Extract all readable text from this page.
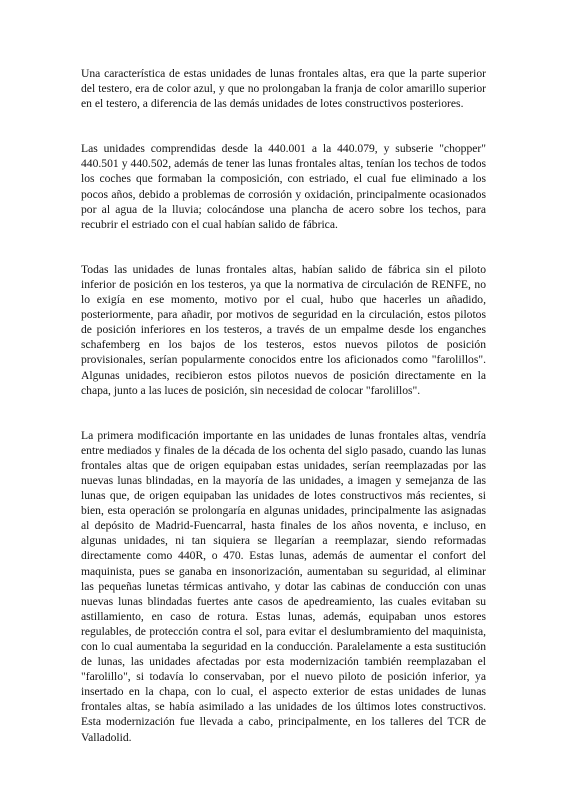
Una característica de estas unidades de lunas frontales altas, era que la parte superior del testero, era de color azul, y que no prolongaban la franja de color amarillo superior en el testero, a diferencia de las demás unidades de lotes constructivos posteriores.

Las unidades comprendidas desde la 440.001 a la 440.079, y subserie "chopper" 440.501 y 440.502, además de tener las lunas frontales altas, tenían los techos de todos los coches que formaban la composición, con estriado, el cual fue eliminado a los pocos años, debido a problemas de corrosión y oxidación, principalmente ocasionados por al agua de la lluvia; colocándose una plancha de acero sobre los techos, para recubrir el estriado con el cual habían salido de fábrica.

Todas las unidades de lunas frontales altas, habían salido de fábrica sin el piloto inferior de posición en los testeros, ya que la normativa de circulación de RENFE, no lo exigía en ese momento, motivo por el cual, hubo que hacerles un añadido, posteriormente, para añadir, por motivos de seguridad en la circulación, estos pilotos de posición inferiores en los testeros, a través de un empalme desde los enganches schafemberg en los bajos de los testeros, estos nuevos pilotos de posición provisionales, serían popularmente conocidos entre los aficionados como "farolillos". Algunas unidades, recibieron estos pilotos nuevos de posición directamente en la chapa, junto a las luces de posición, sin necesidad de colocar "farolillos".

La primera modificación importante en las unidades de lunas frontales altas, vendría entre mediados y finales de la década de los ochenta del siglo pasado, cuando las lunas frontales altas que de origen equipaban estas unidades, serían reemplazadas por las nuevas lunas blindadas, en la mayoría de las unidades, a imagen y semejanza de las lunas que, de origen equipaban las unidades de lotes constructivos más recientes, si bien, esta operación se prolongaría en algunas unidades, principalmente las asignadas al depósito de Madrid-Fuencarral, hasta finales de los años noventa, e incluso, en algunas unidades, ni tan siquiera se llegarían a reemplazar, siendo reformadas directamente como 440R, o 470. Estas lunas, además de aumentar el confort del maquinista, pues se ganaba en insonorización, aumentaban su seguridad, al eliminar las pequeñas lunetas térmicas antivaho, y dotar las cabinas de conducción con unas nuevas lunas blindadas fuertes ante casos de apedreamiento, las cuales evitaban su astillamiento, en caso de rotura. Estas lunas, además, equipaban unos estores regulables, de protección contra el sol, para evitar el deslumbramiento del maquinista, con lo cual aumentaba la seguridad en la conducción. Paralelamente a esta sustitución de lunas, las unidades afectadas por esta modernización también reemplazaban el "farolillo", si todavía lo conservaban, por el nuevo piloto de posición inferior, ya insertado en la chapa, con lo cual, el aspecto exterior de estas unidades de lunas frontales altas, se había asimilado a las unidades de los últimos lotes constructivos. Esta modernización fue llevada a cabo, principalmente, en los talleres del TCR de Valladolid.
